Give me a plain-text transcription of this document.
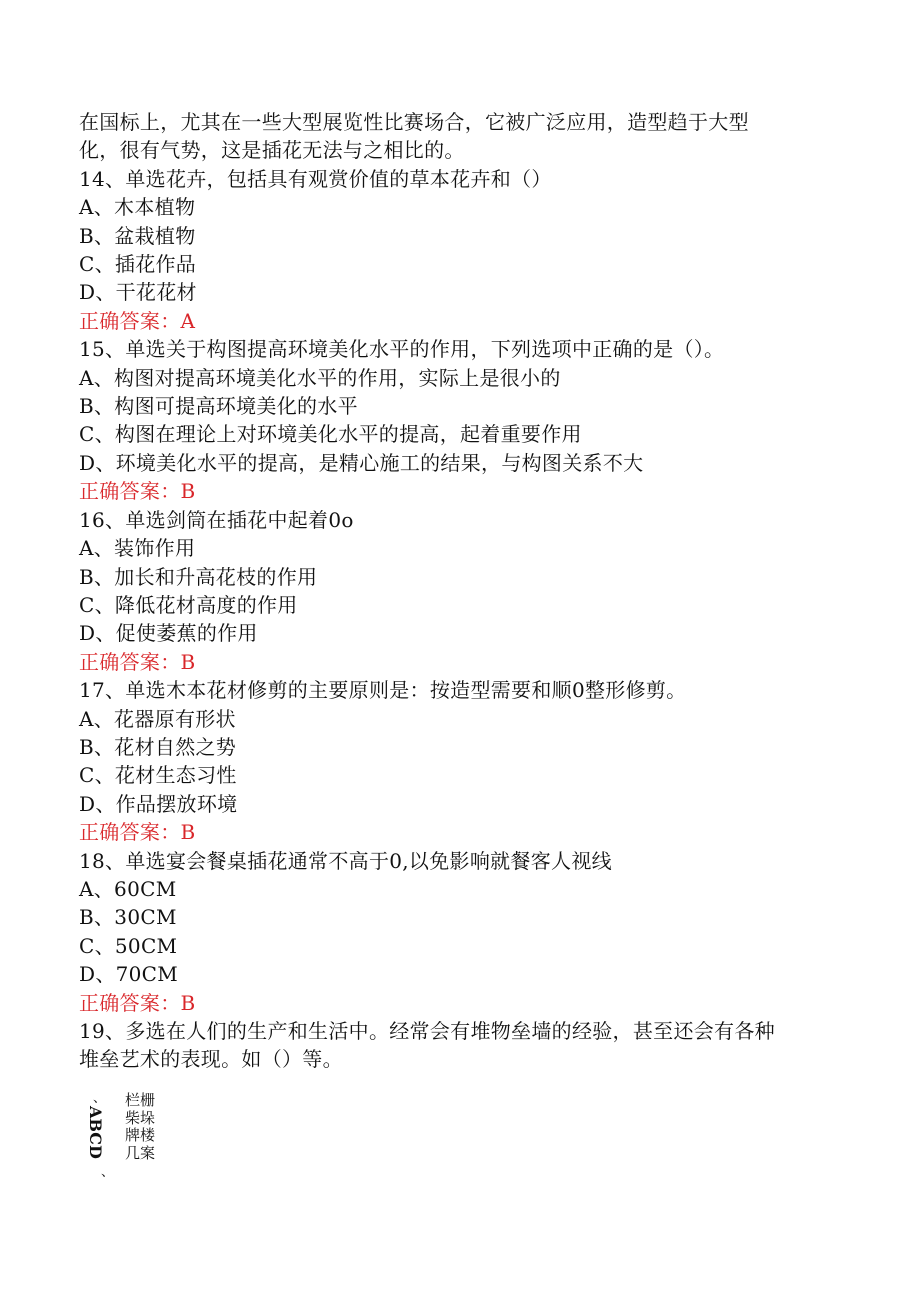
在国标上，尤其在一些大型展览性比赛场合，它被广泛应用，造型趋于大型
化，很有气势，这是插花无法与之相比的。
14、单选花卉，包括具有观赏价值的草本花卉和（）
A、木本植物
B、盆栽植物
C、插花作品
D、干花花材
正确答案：A
15、单选关于构图提高环境美化水平的作用，下列选项中正确的是（）。
A、构图对提高环境美化水平的作用，实际上是很小的
B、构图可提高环境美化的水平
C、构图在理论上对环境美化水平的提高，起着重要作用
D、环境美化水平的提高，是精心施工的结果，与构图关系不大
正确答案：B
16、单选剑筒在插花中起着0o
A、装饰作用
B、加长和升高花枝的作用
C、降低花材高度的作用
D、促使萎蕉的作用
正确答案：B
17、单选木本花材修剪的主要原则是：按造型需要和顺0整形修剪。
A、花器原有形状
B、花材自然之势
C、花材生态习性
D、作品摆放环境
正确答案：B
18、单选宴会餐桌插花通常不高于0,以免影响就餐客人视线
A、60CM
B、30CM
C、50CM
D、70CM
正确答案：B
19、多选在人们的生产和生活中。经常会有堆物垒墙的经验，甚至还会有各种
堆垒艺术的表现。如（）等。
、
ABCD
、
栏栅
柴垛
牌楼
几案
